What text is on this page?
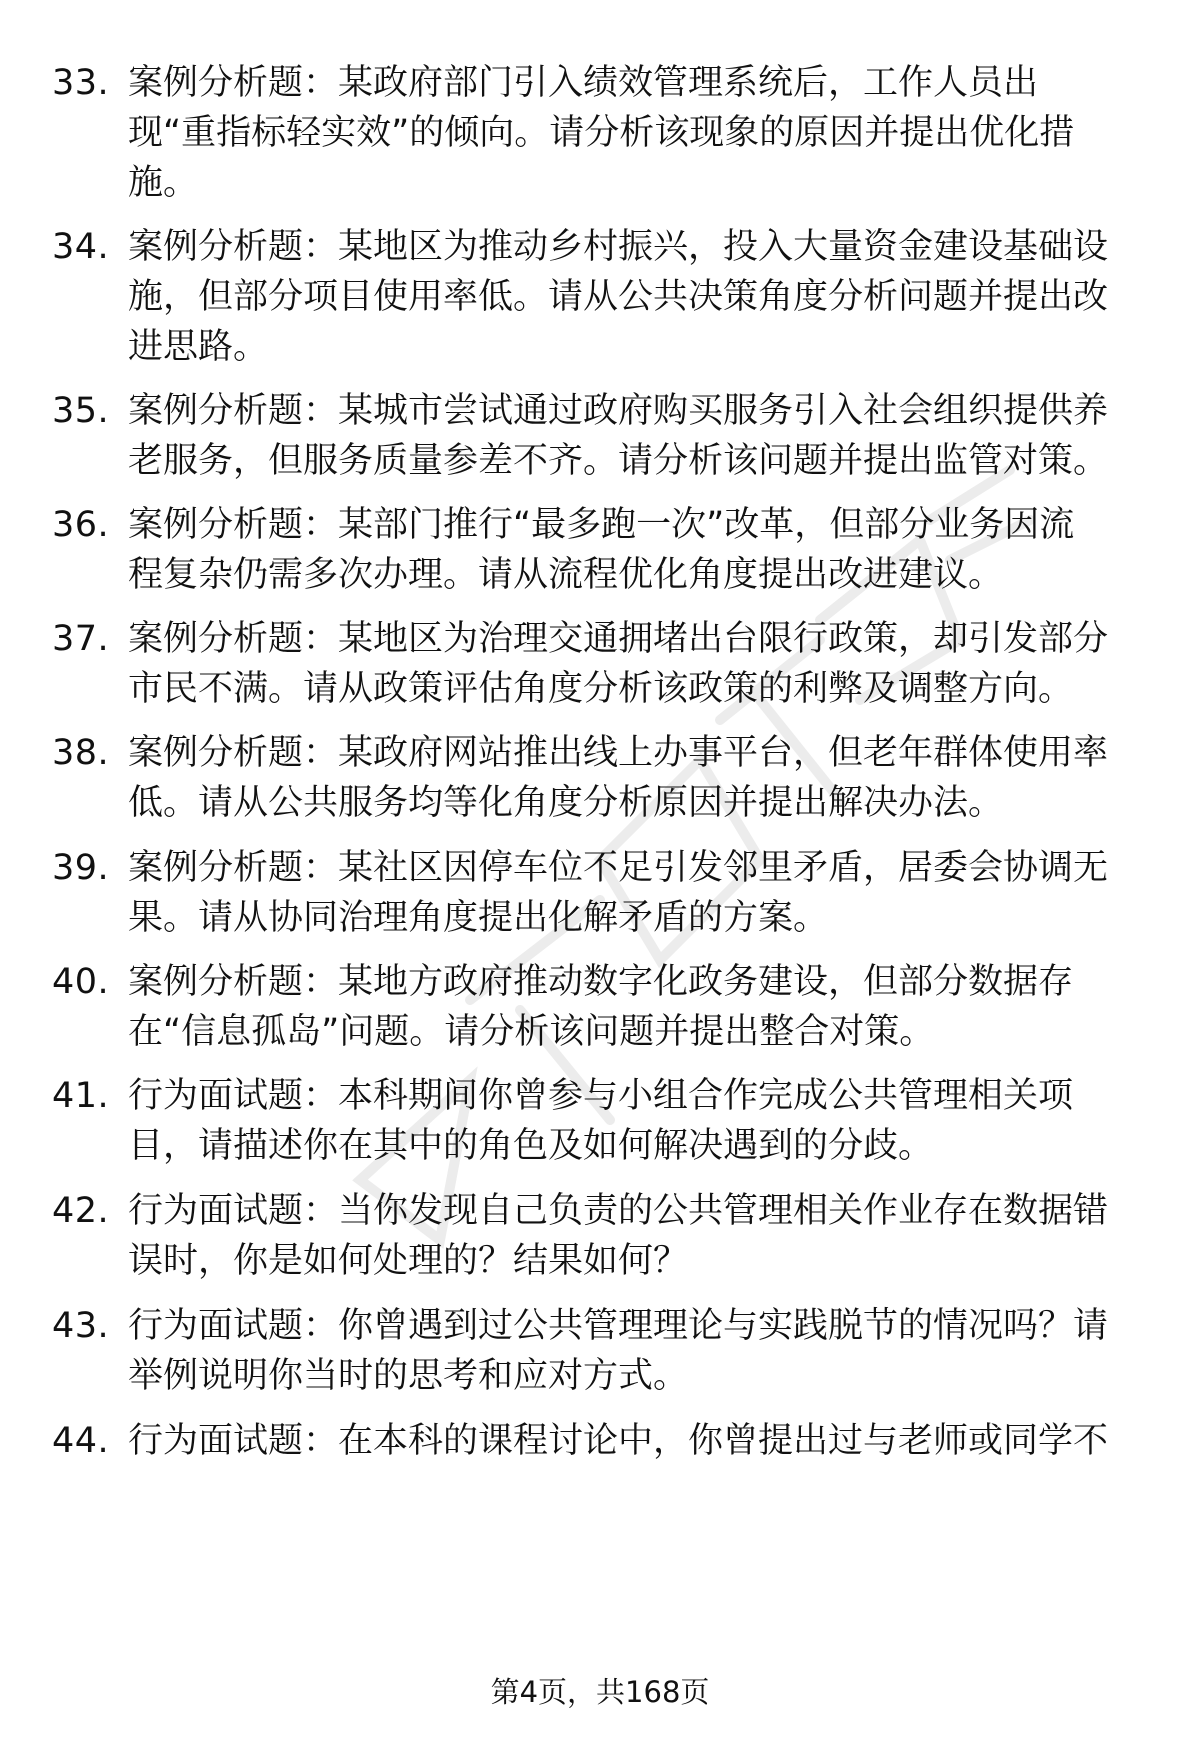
33. 案例分析题：某政府部门引入绩效管理系统后，工作人员出
现“重指标轻实效”的倾向。请分析该现象的原因并提出优化措
施。
34. 案例分析题：某地区为推动乡村振兴，投入大量资金建设基础设
施，但部分项目使用率低。请从公共决策角度分析问题并提出改
进思路。
35. 案例分析题：某城市尝试通过政府购买服务引入社会组织提供养
老服务，但服务质量参差不齐。请分析该问题并提出监管对策。
36. 案例分析题：某部门推行“最多跑一次”改革，但部分业务因流
程复杂仍需多次办理。请从流程优化角度提出改进建议。
37. 案例分析题：某地区为治理交通拥堵出台限行政策，却引发部分
市民不满。请从政策评估角度分析该政策的利弊及调整方向。
38. 案例分析题：某政府网站推出线上办事平台，但老年群体使用率
低。请从公共服务均等化角度分析原因并提出解决办法。
39. 案例分析题：某社区因停车位不足引发邻里矛盾，居委会协调无
果。请从协同治理角度提出化解矛盾的方案。
40. 案例分析题：某地方政府推动数字化政务建设，但部分数据存
在“信息孤岛”问题。请分析该问题并提出整合对策。
41. 行为面试题：本科期间你曾参与小组合作完成公共管理相关项
目，请描述你在其中的角色及如何解决遇到的分歧。
42. 行为面试题：当你发现自己负责的公共管理相关作业存在数据错
误时，你是如何处理的？结果如何？
43. 行为面试题：你曾遇到过公共管理理论与实践脱节的情况吗？请
举例说明你当时的思考和应对方式。
44. 行为面试题：在本科的课程讨论中，你曾提出过与老师或同学不
第4页，共168页
